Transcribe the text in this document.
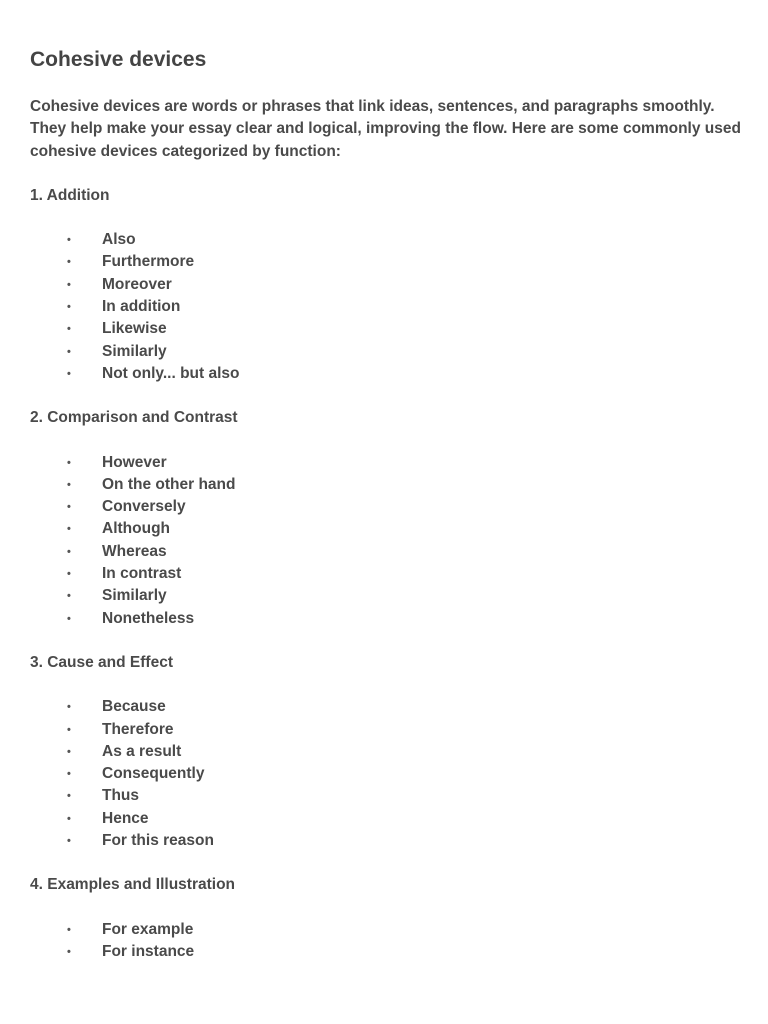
Cohesive devices

Cohesive devices are words or phrases that link ideas, sentences, and paragraphs smoothly. They help make your essay clear and logical, improving the flow. Here are some commonly used cohesive devices categorized by function:

1. Addition

• Also
• Furthermore
• Moreover
• In addition
• Likewise
• Similarly
• Not only... but also

2. Comparison and Contrast

• However
• On the other hand
• Conversely
• Although
• Whereas
• In contrast
• Similarly
• Nonetheless

3. Cause and Effect

• Because
• Therefore
• As a result
• Consequently
• Thus
• Hence
• For this reason

4. Examples and Illustration

• For example
• For instance
